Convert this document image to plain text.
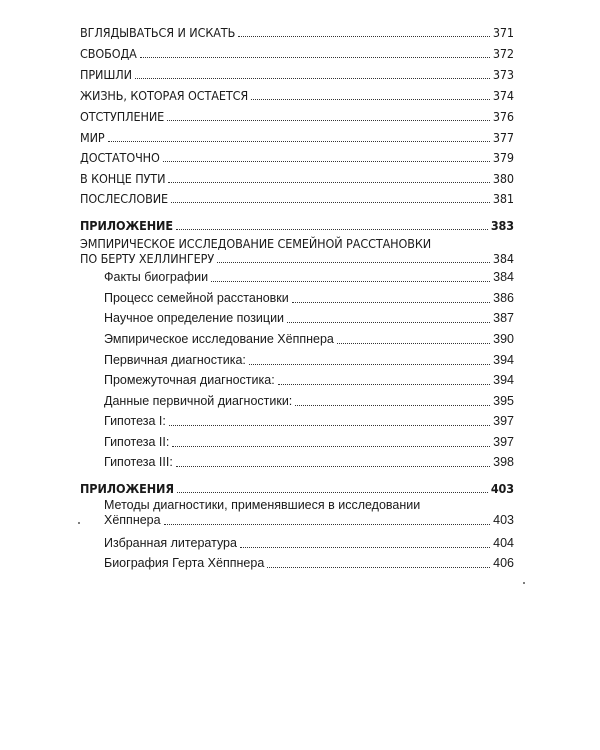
ВГЛЯДЫВАТЬСЯ И ИСКАТЬ	371
СВОБОДА	372
ПРИШЛИ	373
ЖИЗНЬ, КОТОРАЯ ОСТАЕТСЯ	374
ОТСТУПЛЕНИЕ	376
МИР	377
ДОСТАТОЧНО	379
В КОНЦЕ ПУТИ	380
ПОСЛЕСЛОВИЕ	381
ПРИЛОЖЕНИЕ	383
ЭМПИРИЧЕСКОЕ ИССЛЕДОВАНИЕ СЕМЕЙНОЙ РАССТАНОВКИ
ПО БЕРТУ ХЕЛЛИНГЕРУ	384
Факты биографии	384
Процесс семейной расстановки	386
Научное определение позиции	387
Эмпирическое исследование Хёппнера	390
Первичная диагностика:	394
Промежуточная диагностика:	394
Данные первичной диагностики:	395
Гипотеза I:	397
Гипотеза II:	397
Гипотеза III:	398
ПРИЛОЖЕНИЯ	403
Методы диагностики, применявшиеся в исследовании
Хёппнера	403
Избранная литература	404
Биография Герта Хёппнера	406
